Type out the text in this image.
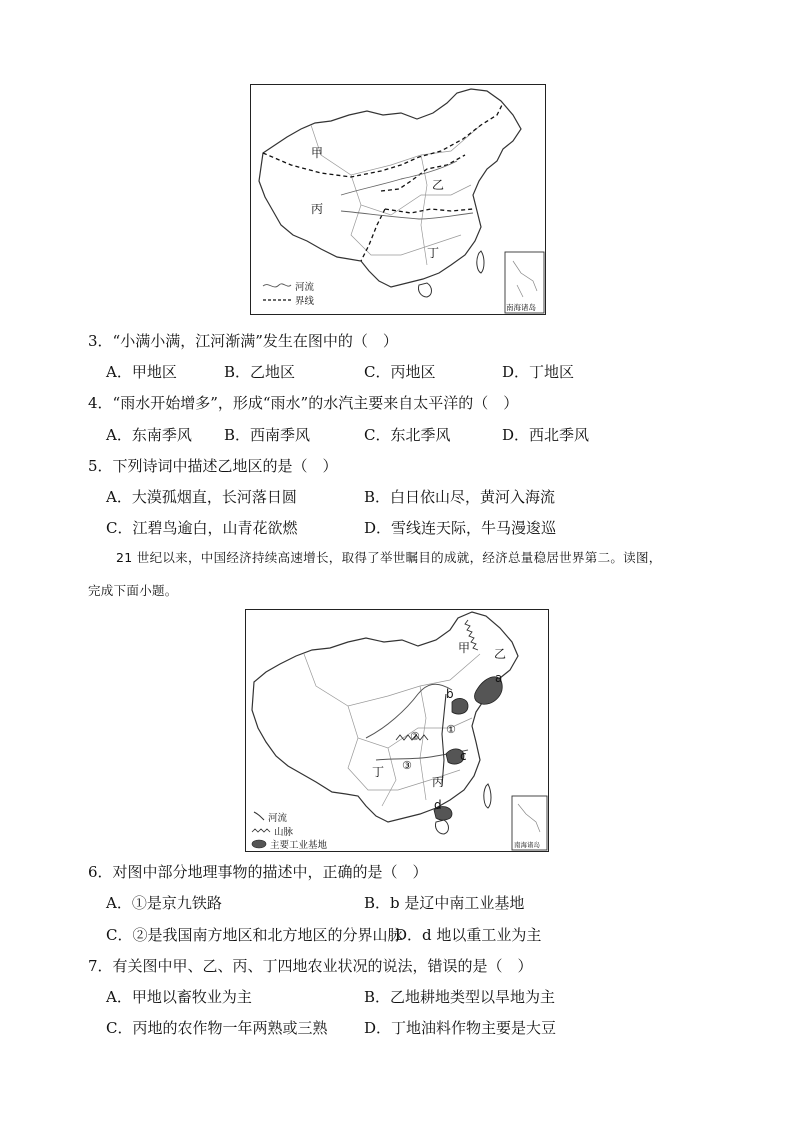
甲
乙
丙
丁
河流
界线
南海诸岛
3．“小满小满，江河渐满”发生在图中的（　）
A．甲地区	B．乙地区	C．丙地区	D．丁地区
4．“雨水开始增多”，形成“雨水”的水汽主要来自太平洋的（　）
A．东南季风 B．西南季风	C．东北季风	D．西北季风
5．下列诗词中描述乙地区的是（　）
A．大漠孤烟直，长河落日圆	B．白日依山尽，黄河入海流
C．江碧鸟逾白，山青花欲燃	D．雪线连天际，牛马漫逡巡
21 世纪以来，中国经济持续高速增长，取得了举世瞩目的成就，经济总量稳居世界第二。读图，
完成下面小题。
甲 乙
丙
丁
a
b
c
d
①
②
③
河流
山脉
主要工业基地	南海诸岛
6．对图中部分地理事物的描述中，正确的是（　）
A．①是京九铁路	B．b 是辽中南工业基地
C．②是我国南方地区和北方地区的分界山脉
D．d 地以重工业为主
7．有关图中甲、乙、丙、丁四地农业状况的说法，错误的是（　）
A．甲地以畜牧业为主	B．乙地耕地类型以旱地为主
C．丙地的农作物一年两熟或三熟 D．丁地油料作物主要是大豆
